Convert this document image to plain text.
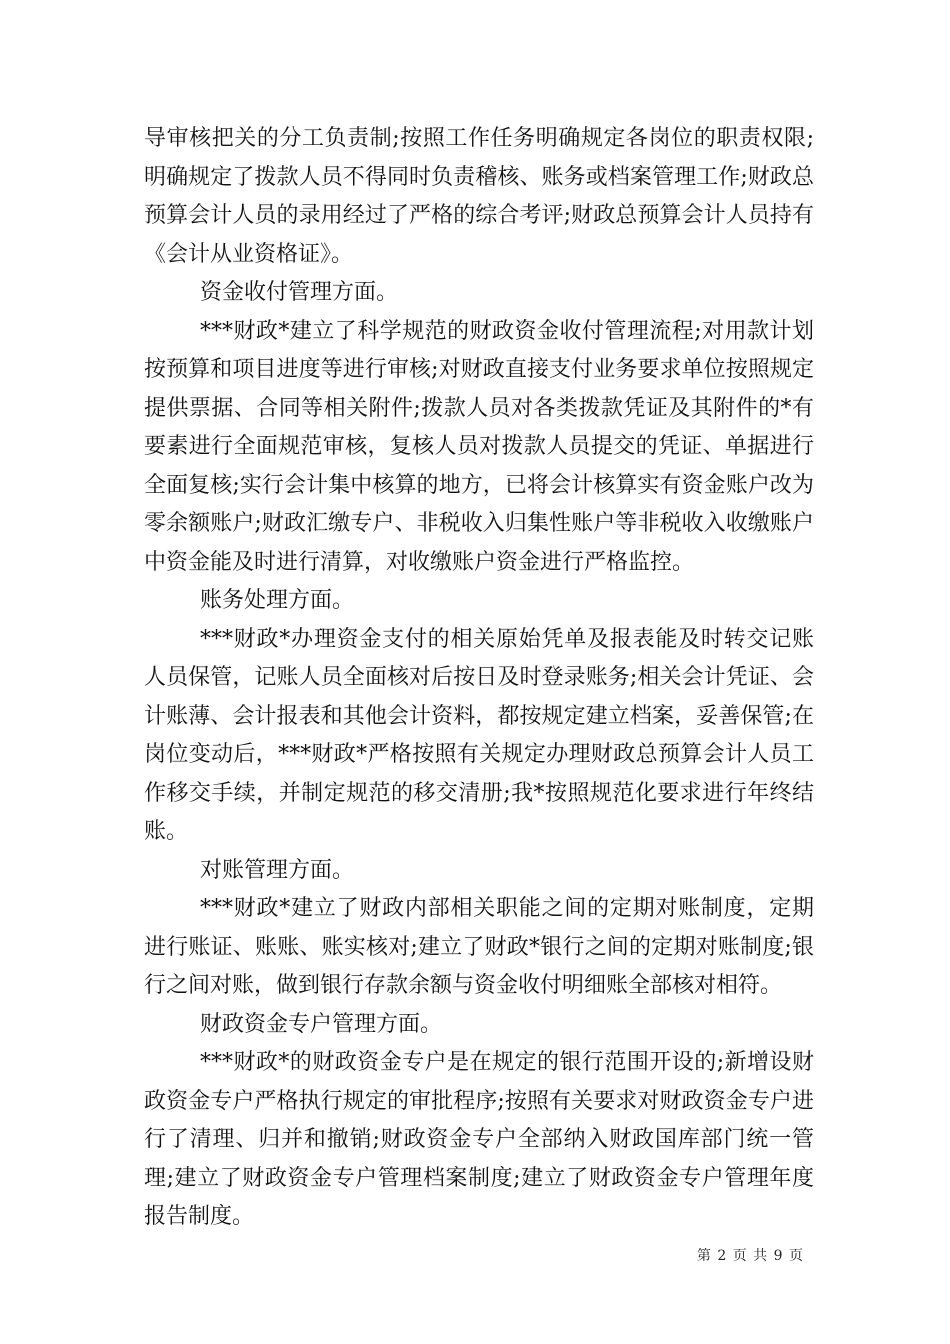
导审核把关的分工负责制;按照工作任务明确规定各岗位的职责权限;明确规定了拨款人员不得同时负责稽核、账务或档案管理工作;财政总预算会计人员的录用经过了严格的综合考评;财政总预算会计人员持有《会计从业资格证》。

资金收付管理方面。

***财政*建立了科学规范的财政资金收付管理流程;对用款计划按预算和项目进度等进行审核;对财政直接支付业务要求单位按照规定提供票据、合同等相关附件;拨款人员对各类拨款凭证及其附件的*有要素进行全面规范审核，复核人员对拨款人员提交的凭证、单据进行全面复核;实行会计集中核算的地方，已将会计核算实有资金账户改为零余额账户;财政汇缴专户、非税收入归集性账户等非税收入收缴账户中资金能及时进行清算，对收缴账户资金进行严格监控。

账务处理方面。

***财政*办理资金支付的相关原始凭单及报表能及时转交记账人员保管，记账人员全面核对后按日及时登录账务;相关会计凭证、会计账薄、会计报表和其他会计资料，都按规定建立档案，妥善保管;在岗位变动后，***财政*严格按照有关规定办理财政总预算会计人员工作移交手续，并制定规范的移交清册;我*按照规范化要求进行年终结账。

对账管理方面。

***财政*建立了财政内部相关职能之间的定期对账制度，定期进行账证、账账、账实核对;建立了财政*银行之间的定期对账制度;银行之间对账，做到银行存款余额与资金收付明细账全部核对相符。

财政资金专户管理方面。

***财政*的财政资金专户是在规定的银行范围开设的;新增设财政资金专户严格执行规定的审批程序;按照有关要求对财政资金专户进行了清理、归并和撤销;财政资金专户全部纳入财政国库部门统一管理;建立了财政资金专户管理档案制度;建立了财政资金专户管理年度报告制度。

第 2 页 共 9 页
